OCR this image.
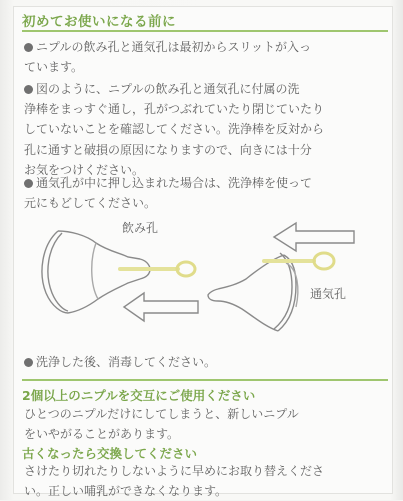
初めてお使いになる前に
ニプルの飲み孔と通気孔は最初からスリットが入っ
ています。
図のように、ニプルの飲み孔と通気孔に付属の洗
浄棒をまっすぐ通し，孔がつぶれていたり閉じていたり
していないことを確認してください。洗浄棒を反対から
孔に通すと破損の原因になりますので、向きには十分
お気をつけください。
通気孔が中に押し込まれた場合は、洗浄棒を使って
元にもどしてください。
飲み孔
通気孔
洗浄した後、消毒してください。
2個以上のニプルを交互にご使用ください
ひとつのニプルだけにしてしまうと、新しいニプル
をいやがることがあります。
古くなったら交換してください
さけたり切れたりしないように早めにお取り替えくださ
い。正しい哺乳ができなくなります。
